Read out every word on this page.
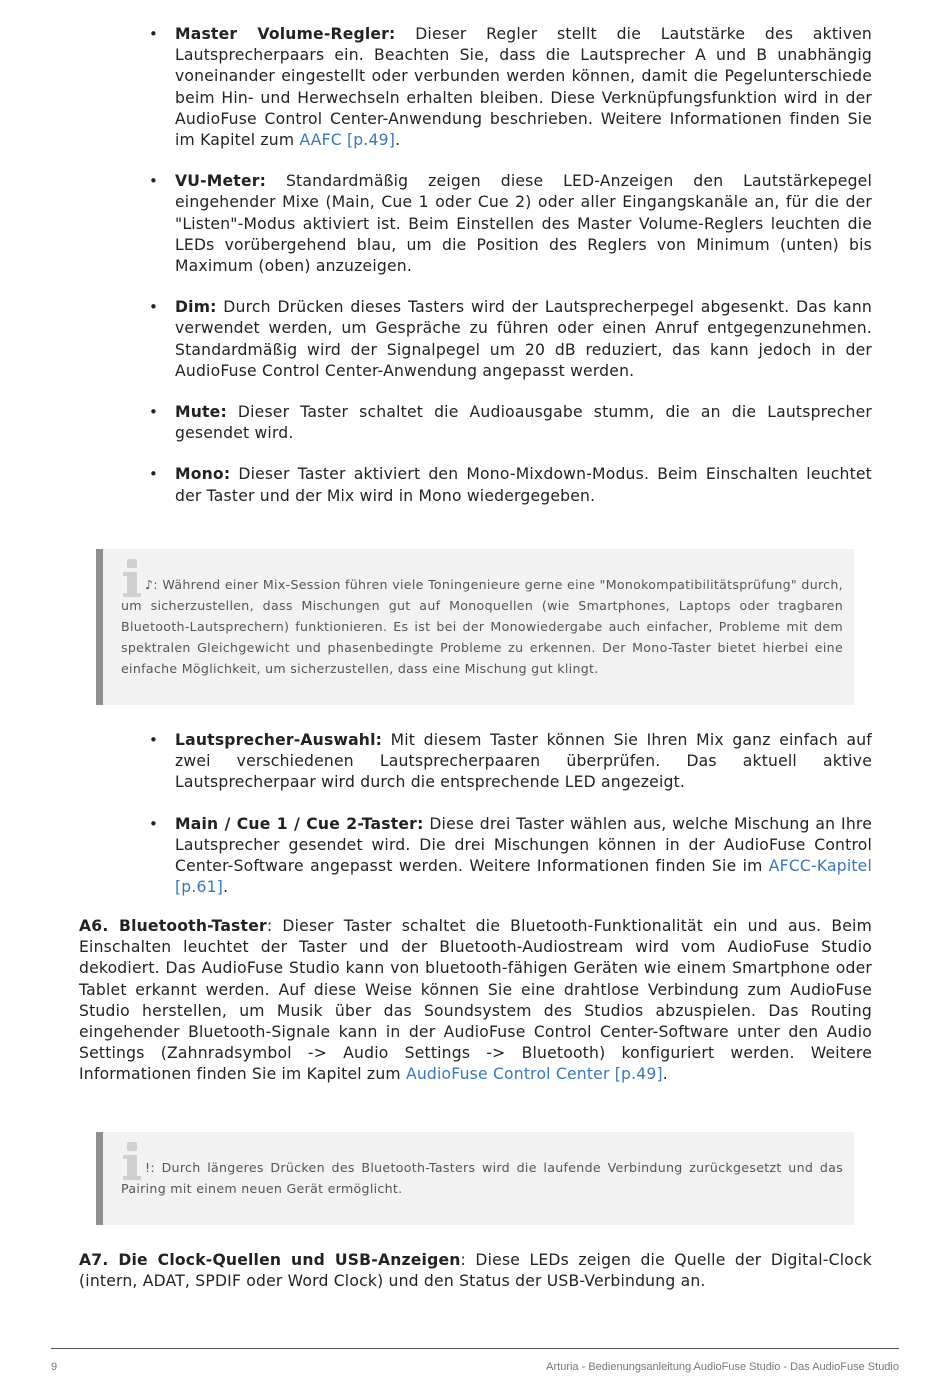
• Master Volume-Regler: Dieser Regler stellt die Lautstärke des aktiven Lautsprecherpaars ein. Beachten Sie, dass die Lautsprecher A und B unabhängig voneinander eingestellt oder verbunden werden können, damit die Pegelunterschiede beim Hin- und Herwechseln erhalten bleiben. Diese Verknüpfungsfunktion wird in der AudioFuse Control Center-Anwendung beschrieben. Weitere Informationen finden Sie im Kapitel zum AAFC [p.49].
• VU-Meter: Standardmäßig zeigen diese LED-Anzeigen den Lautstärkepegel eingehender Mixe (Main, Cue 1 oder Cue 2) oder aller Eingangskanäle an, für die der "Listen"-Modus aktiviert ist. Beim Einstellen des Master Volume-Reglers leuchten die LEDs vorübergehend blau, um die Position des Reglers von Minimum (unten) bis Maximum (oben) anzuzeigen.
• Dim: Durch Drücken dieses Tasters wird der Lautsprecherpegel abgesenkt. Das kann verwendet werden, um Gespräche zu führen oder einen Anruf entgegenzunehmen. Standardmäßig wird der Signalpegel um 20 dB reduziert, das kann jedoch in der AudioFuse Control Center-Anwendung angepasst werden.
• Mute: Dieser Taster schaltet die Audioausgabe stumm, die an die Lautsprecher gesendet wird.
• Mono: Dieser Taster aktiviert den Mono-Mixdown-Modus. Beim Einschalten leuchtet der Taster und der Mix wird in Mono wiedergegeben.

♪: Während einer Mix-Session führen viele Toningenieure gerne eine "Monokompatibilitätsprüfung" durch, um sicherzustellen, dass Mischungen gut auf Monoquellen (wie Smartphones, Laptops oder tragbaren Bluetooth-Lautsprechern) funktionieren. Es ist bei der Monowiedergabe auch einfacher, Probleme mit dem spektralen Gleichgewicht und phasenbedingte Probleme zu erkennen. Der Mono-Taster bietet hierbei eine einfache Möglichkeit, um sicherzustellen, dass eine Mischung gut klingt.

• Lautsprecher-Auswahl: Mit diesem Taster können Sie Ihren Mix ganz einfach auf zwei verschiedenen Lautsprecherpaaren überprüfen. Das aktuell aktive Lautsprecherpaar wird durch die entsprechende LED angezeigt.
• Main / Cue 1 / Cue 2-Taster: Diese drei Taster wählen aus, welche Mischung an Ihre Lautsprecher gesendet wird. Die drei Mischungen können in der AudioFuse Control Center-Software angepasst werden. Weitere Informationen finden Sie im AFCC-Kapitel [p.61].

A6. Bluetooth-Taster: Dieser Taster schaltet die Bluetooth-Funktionalität ein und aus. Beim Einschalten leuchtet der Taster und der Bluetooth-Audiostream wird vom AudioFuse Studio dekodiert. Das AudioFuse Studio kann von bluetooth-fähigen Geräten wie einem Smartphone oder Tablet erkannt werden. Auf diese Weise können Sie eine drahtlose Verbindung zum AudioFuse Studio herstellen, um Musik über das Soundsystem des Studios abzuspielen. Das Routing eingehender Bluetooth-Signale kann in der AudioFuse Control Center-Software unter den Audio Settings (Zahnradsymbol -> Audio Settings -> Bluetooth) konfiguriert werden. Weitere Informationen finden Sie im Kapitel zum AudioFuse Control Center [p.49].

!: Durch längeres Drücken des Bluetooth-Tasters wird die laufende Verbindung zurückgesetzt und das Pairing mit einem neuen Gerät ermöglicht.

A7. Die Clock-Quellen und USB-Anzeigen: Diese LEDs zeigen die Quelle der Digital-Clock (intern, ADAT, SPDIF oder Word Clock) und den Status der USB-Verbindung an.

9	Arturia - Bedienungsanleitung AudioFuse Studio - Das AudioFuse Studio
